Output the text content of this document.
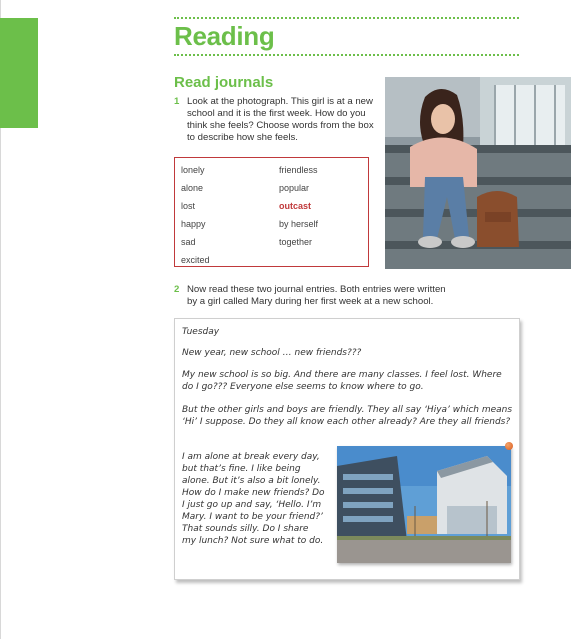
Reading
Read journals
1 Look at the photograph. This girl is at a new school and it is the first week. How do you think she feels? Choose words from the box to describe how she feels.
lonely
alone
lost
happy
sad
excited
friendless
popular
outcast
by herself
together
2 Now read these two journal entries. Both entries were written by a girl called Mary during her first week at a new school.
Tuesday
New year, new school … new friends???
My new school is so big. And there are many classes. I feel lost. Where do I go??? Everyone else seems to know where to go.
But the other girls and boys are friendly. They all say ‘Hiya’ which means ‘Hi’ I suppose. Do they all know each other already? Are they all friends?
I am alone at break every day, but that’s fine. I like being alone. But it’s also a bit lonely. How do I make new friends? Do I just go up and say, ‘Hello. I’m Mary. I want to be your friend?’ That sounds silly. Do I share my lunch? Not sure what to do.
